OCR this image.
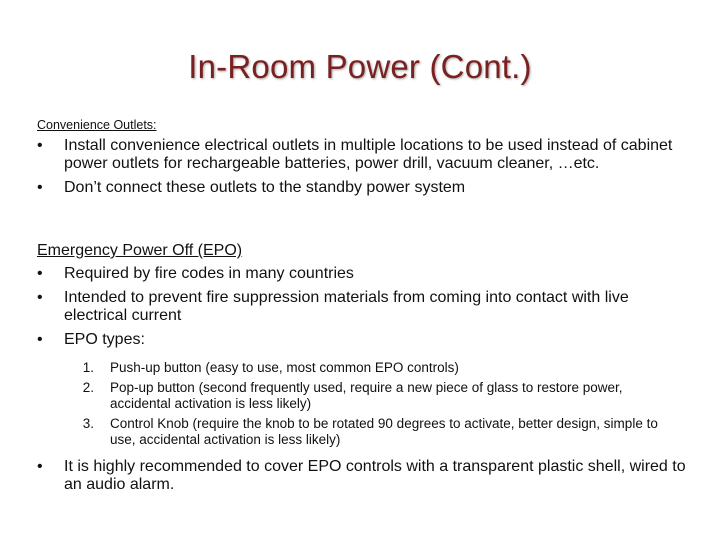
In-Room Power (Cont.)
Convenience Outlets:
•	Install convenience electrical outlets in multiple locations to be used instead of cabinet power outlets for rechargeable batteries, power drill, vacuum cleaner, …etc.
•	Don’t connect these outlets to the standby power system
Emergency Power Off (EPO)
•	Required by fire codes in many countries
•	Intended to prevent fire suppression materials from coming into contact with live electrical current
•	EPO types:
1. Push-up button (easy to use, most common EPO controls)
2. Pop-up button (second frequently used, require a new piece of glass to restore power, accidental activation is less likely)
3. Control Knob (require the knob to be rotated 90 degrees to activate, better design, simple to use, accidental activation is less likely)
•	It is highly recommended to cover EPO controls with a transparent plastic shell, wired to an audio alarm.
